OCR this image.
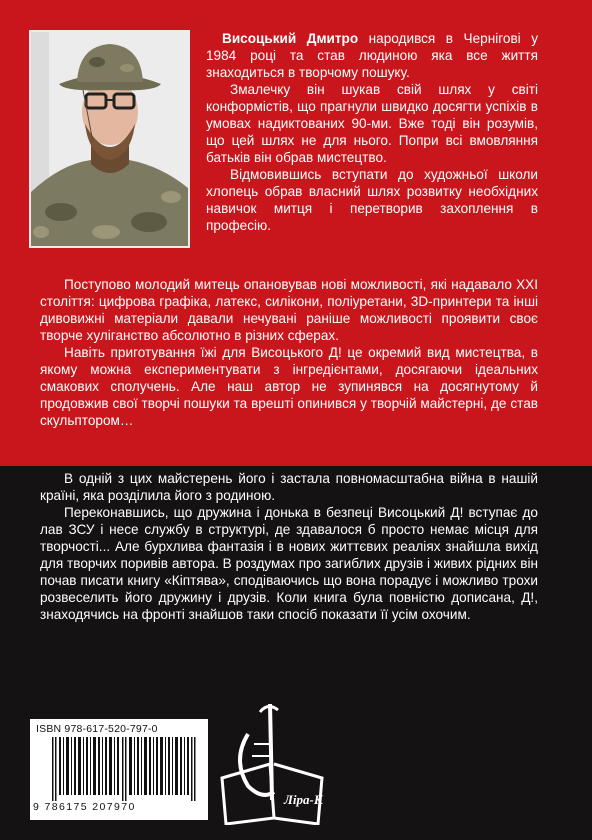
Висоцький Дмитро народився в Чернігові у 1984 році та став людиною яка все життя знаходиться в творчому пошуку.

Змалечку він шукав свій шлях у світі конформістів, що прагнули швидко досягти успіхів в умовах надиктованих 90-ми. Вже тоді він розумів, що цей шлях не для нього. Попри всі вмовляння батьків він обрав мистецтво.

Відмовившись вступати до художньої школи хлопець обрав власний шлях розвитку необхідних навичок митця і перетворив захоплення в професію.

Поступово молодий митець опановував нові можливості, які надавало XXI століття: цифрова графіка, латекс, силікони, поліуретани, 3D-принтери та інші дивовижні матеріали давали нечувані раніше можливості проявити своє творче хуліганство абсолютно в різних сферах.

Навіть приготування їжі для Висоцького Д! це окремий вид мистецтва, в якому можна експериментувати з інгредієнтами, досягаючи ідеальних смакових сполучень. Але наш автор не зупинявся на досягнутому й продовжив свої творчі пошуки та врешті опинився у творчій майстерні, де став скульптором…

В одній з цих майстерень його і застала повномасштабна війна в нашій країні, яка розділила його з родиною.

Переконавшись, що дружина і донька в безпеці Висоцький Д! вступає до лав ЗСУ і несе службу в структурі, де здавалося б просто немає місця для творчості... Але бурхлива фантазія і в нових життєвих реаліях знайшла вихід для творчих поривів автора. В роздумах про загиблих друзів і живих рідних він почав писати книгу «Кіптява», сподіваючись що вона порадує і можливо трохи розвеселить його дружину і друзів. Коли книга була повністю дописана, Д!, знаходячись на фронті знайшов таки спосіб показати її усім охочим.

ISBN 978-617-520-797-0
9 786175 207970	Ліра-К
